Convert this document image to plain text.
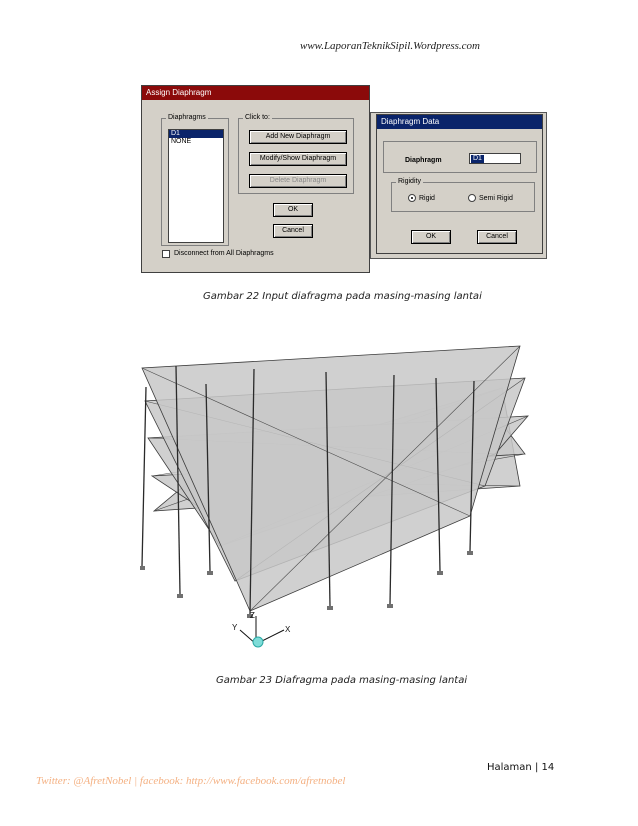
www.LaporanTeknikSipil.Wordpress.com
Assign Diaphragm
Diaphragms
D1
NONE
Click to:
Add New Diaphragm
Modify/Show Diaphragm
Delete Diaphragm
OK
Cancel
Disconnect from All Diaphragms
Diaphragm Data
Diaphragm	D1
Rigidity
Rigid	Semi Rigid
OK	Cancel
Gambar 22 Input diafragma pada masing-masing lantai
Z
X
Y
Gambar 23 Diafragma pada masing-masing lantai
Halaman | 14
Twitter: @AfretNobel | facebook: http://www.facebook.com/afretnobel
